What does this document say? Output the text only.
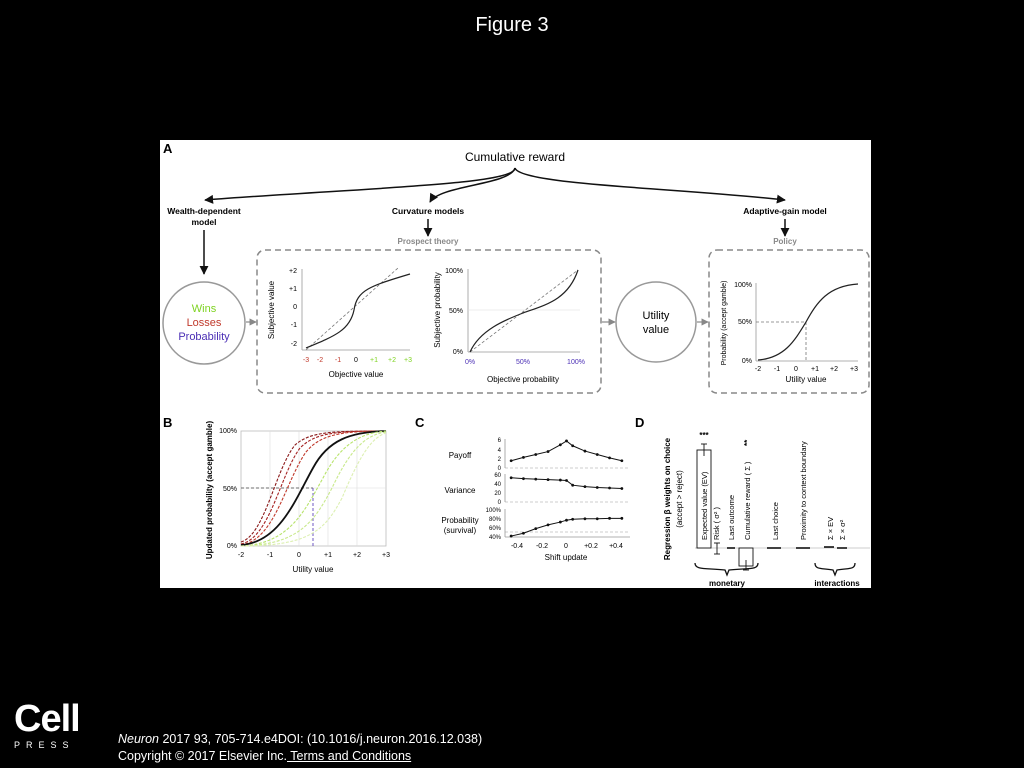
Figure 3
A
Cumulative reward
Wealth-dependent
model
Curvature models	Adaptive-gain model
Prospect theory	Policy
Wins
Losses
Probability
Utility
value
+2
+1
0
-1
-2
-3 -2 -1 0 +1 +2 +3
Objective value
Subjective value
100%
50%
0%
0%	50%	100%
Objective probability
Subjective probability	100%
50%
0%
-2 -1 0 +1 +2 +3
Utility value
Probability (accept gamble)
B
100%
50%
0%
-2	-1	0	+1	+2	+3
Utility value
Updated probability (accept gamble)	C
Payoff
Variance
Probability
(survival)
6
4
2
0
60
40
20
0
100%
80%
60%
40%
-0.4 -0.2 0 +0.2 +0.4
Shift update
D
Regression β weights on choice (accept > reject)
***
**
Expected value (EV) Risk ( σ² ) Last outcome Cumulative reward ( Σ )	Last choice	Proximity to context boundary Σ × EV Σ × σ²
monetary	interactions
Cell
PRESS	Neuron 2017 93, 705-714.e4DOI: (10.1016/j.neuron.2016.12.038)
Copyright © 2017 Elsevier Inc. Terms and Conditions
